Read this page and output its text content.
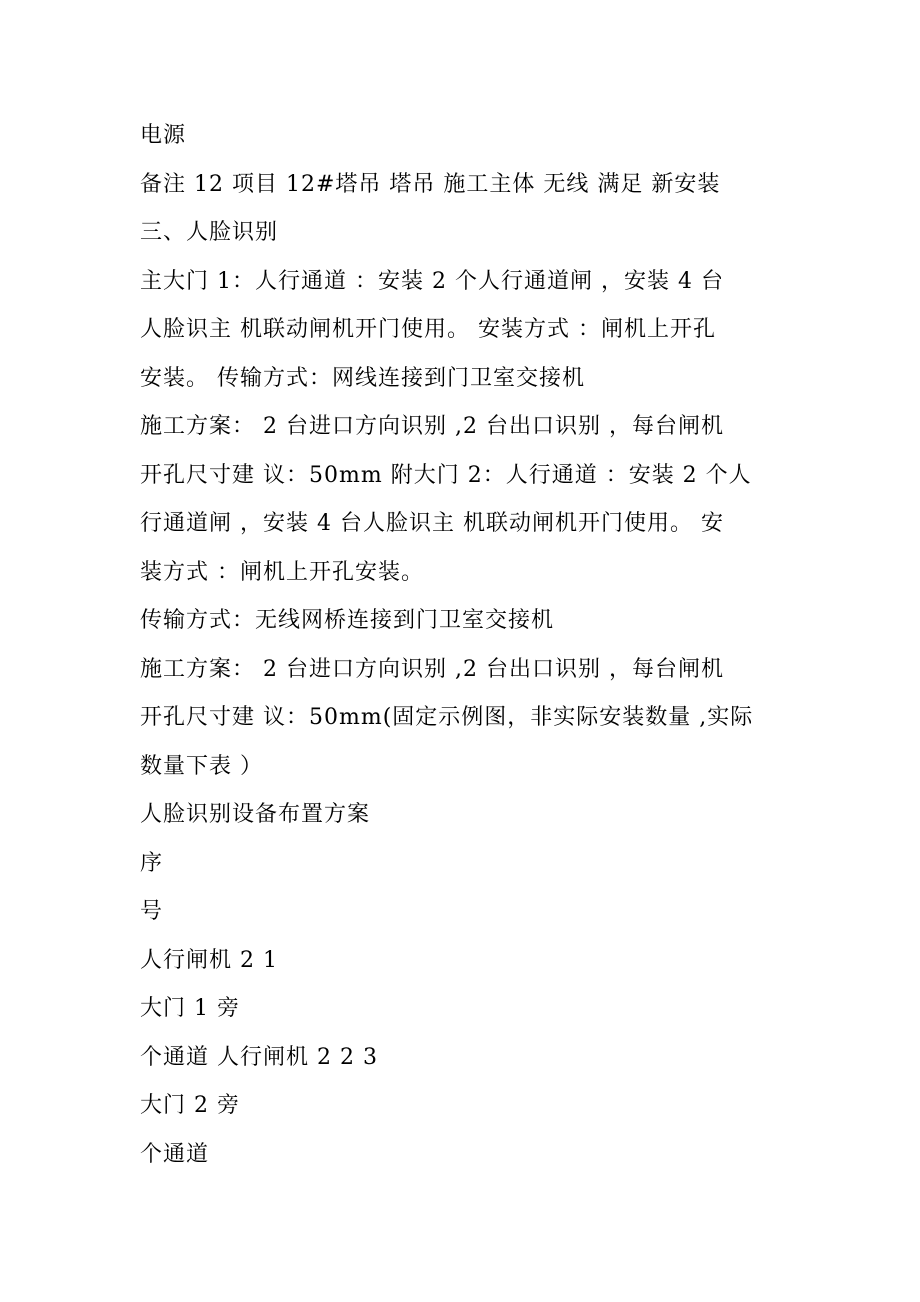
电源
备注 12 项目 12#塔吊 塔吊 施工主体 无线 满足 新安装
三、人脸识别
主大门 1：人行通道 ：安装 2 个人行通道闸 ，安装 4 台
人脸识主 机联动闸机开门使用。 安装方式 ：闸机上开孔
安装。 传输方式：网线连接到门卫室交接机
施工方案： 2 台进口方向识别 ,2 台出口识别 ，每台闸机
开孔尺寸建 议：50mm 附大门 2：人行通道 ：安装 2 个人
行通道闸 ，安装 4 台人脸识主 机联动闸机开门使用。 安
装方式 ：闸机上开孔安装。
传输方式：无线网桥连接到门卫室交接机
施工方案： 2 台进口方向识别 ,2 台出口识别 ，每台闸机
开孔尺寸建 议：50mm(固定示例图，非实际安装数量 ,实际
数量下表 ）
人脸识别设备布置方案
序
号
人行闸机 2 1
大门 1 旁
个通道 人行闸机 2 2 3
大门 2 旁
个通道
